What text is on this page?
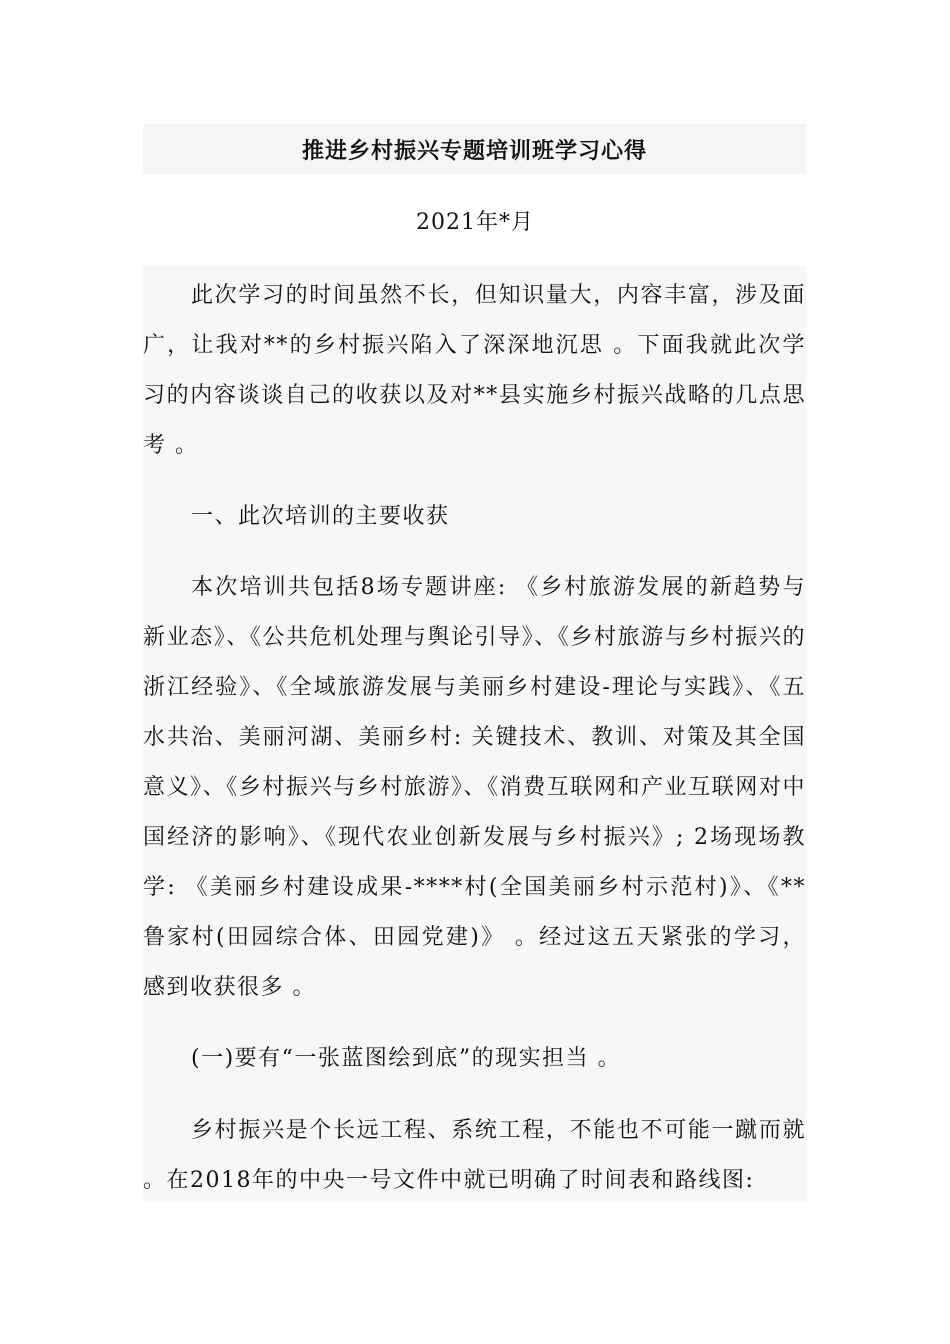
推进乡村振兴专题培训班学习心得
2021年*月

此次学习的时间虽然不长，但知识量大，内容丰富，涉及面广，让我对**的乡村振兴陷入了深深地沉思 。下面我就此次学习的内容谈谈自己的收获以及对**县实施乡村振兴战略的几点思考 。

一、此次培训的主要收获

本次培训共包括8场专题讲座: 《乡村旅游发展的新趋势与新业态》、《公共危机处理与舆论引导》、《乡村旅游与乡村振兴的浙江经验》、《全域旅游发展与美丽乡村建设-理论与实践》、《五水共治、美丽河湖、美丽乡村: 关键技术、教训、对策及其全国意义》、《乡村振兴与乡村旅游》、《消费互联网和产业互联网对中国经济的影响》、《现代农业创新发展与乡村振兴》; 2场现场教学: 《美丽乡村建设成果-****村(全国美丽乡村示范村)》、《**鲁家村(田园综合体、田园党建)》 。经过这五天紧张的学习，感到收获很多 。

(一)要有“一张蓝图绘到底”的现实担当 。

乡村振兴是个长远工程、系统工程，不能也不可能一蹴而就 。在2018年的中央一号文件中就已明确了时间表和路线图:
